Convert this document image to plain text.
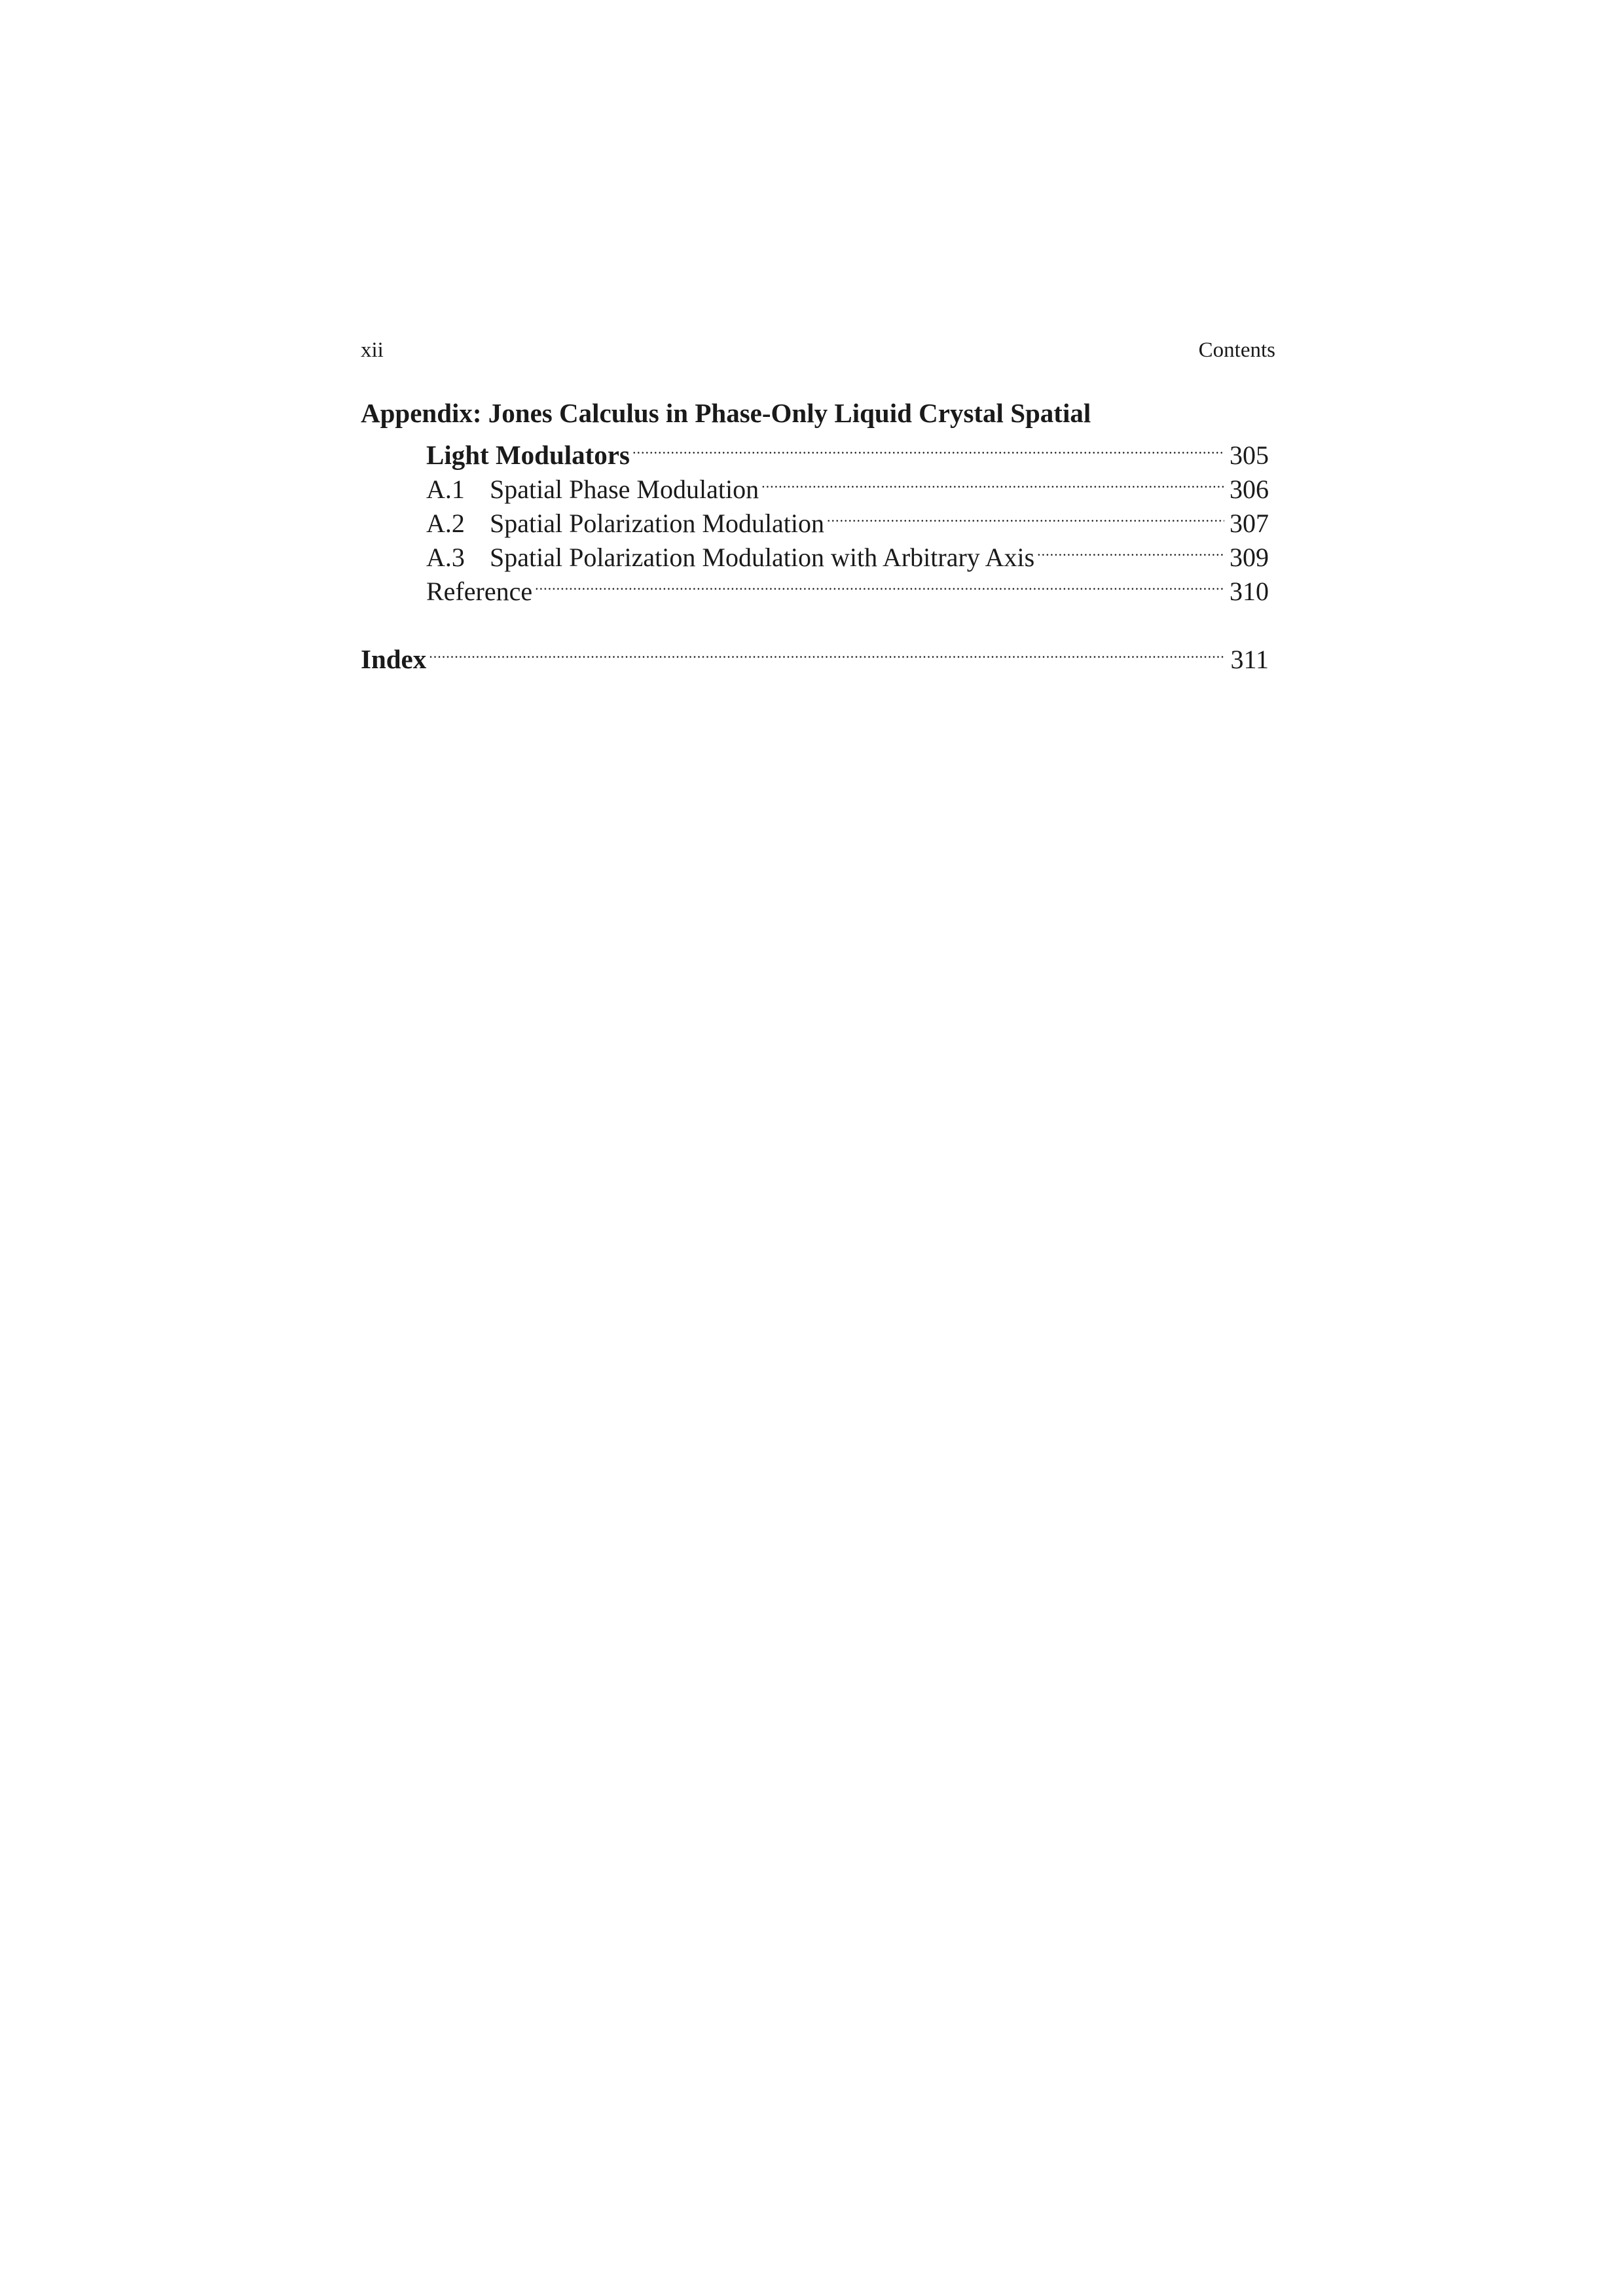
xii	Contents
Appendix: Jones Calculus in Phase-Only Liquid Crystal Spatial
Light Modulators .....	305
A.1 Spatial Phase Modulation .....	306
A.2 Spatial Polarization Modulation .....	307
A.3 Spatial Polarization Modulation with Arbitrary Axis .....	309
Reference .....	310
Index .....	311
